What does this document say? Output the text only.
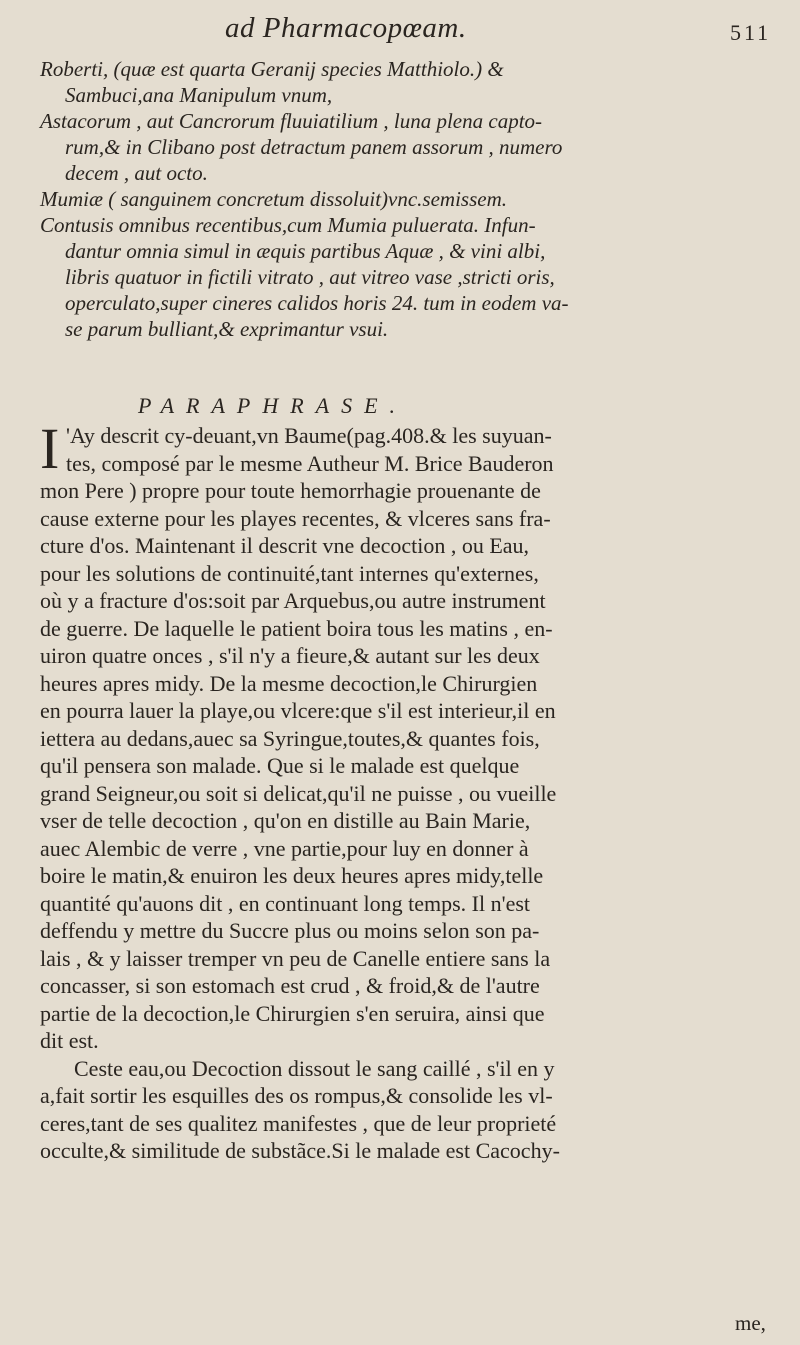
ad Pharmacopœam.	511
Roberti, (quæ est quarta Geranij species Matthiolo.) &
Sambuci,ana Manipulum vnum,
Astacorum , aut Cancrorum fluuiatilium , luna plena capto-
rum,& in Clibano post detractum panem assorum , numero
decem , aut octo.
Mumiæ ( sanguinem concretum dissoluit)vnc.semissem.
Contusis omnibus recentibus,cum Mumia puluerata. Infun-
dantur omnia simul in æquis partibus Aquæ , & vini albi,
libris quatuor in fictili vitrato , aut vitreo vase ,stricti oris,
operculato,super cineres calidos horis 24. tum in eodem va-
se parum bulliant,& exprimantur vsui.
PARAPHRASE.
I 'Ay descrit cy-deuant,vn Baume(pag.408.& les suyuan-
tes, composé par le mesme Autheur M. Brice Bauderon
mon Pere ) propre pour toute hemorrhagie prouenante de
cause externe pour les playes recentes, & vlceres sans fra-
cture d'os. Maintenant il descrit vne decoction , ou Eau,
pour les solutions de continuité,tant internes qu'externes,
où y a fracture d'os:soit par Arquebus,ou autre instrument
de guerre. De laquelle le patient boira tous les matins , en-
uiron quatre onces , s'il n'y a fieure,& autant sur les deux
heures apres midy. De la mesme decoction,le Chirurgien
en pourra lauer la playe,ou vlcere:que s'il est interieur,il en
iettera au dedans,auec sa Syringue,toutes,& quantes fois,
qu'il pensera son malade. Que si le malade est quelque
grand Seigneur,ou soit si delicat,qu'il ne puisse , ou vueille
vser de telle decoction , qu'on en distille au Bain Marie,
auec Alembic de verre , vne partie,pour luy en donner à
boire le matin,& enuiron les deux heures apres midy,telle
quantité qu'auons dit , en continuant long temps. Il n'est
deffendu y mettre du Succre plus ou moins selon son pa-
lais , & y laisser tremper vn peu de Canelle entiere sans la
concasser, si son estomach est crud , & froid,& de l'autre
partie de la decoction,le Chirurgien s'en seruira, ainsi que
dit est.
Ceste eau,ou Decoction dissout le sang caillé , s'il en y
a,fait sortir les esquilles des os rompus,& consolide les vl-
ceres,tant de ses qualitez manifestes , que de leur proprieté
occulte,& similitude de substãce.Si le malade est Cacochy-
me,
